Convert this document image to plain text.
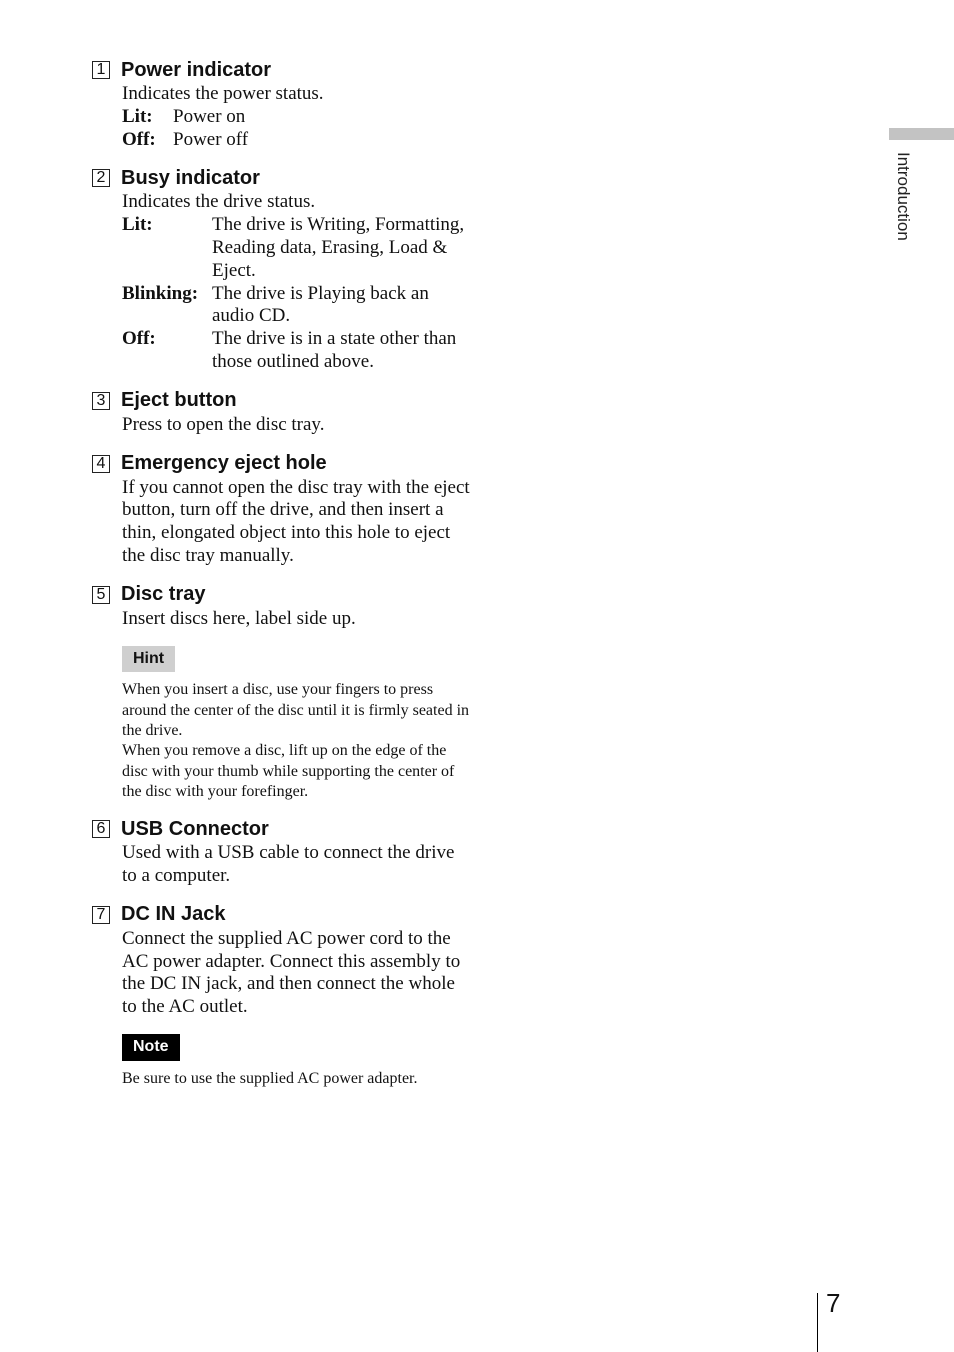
1 Power indicator

Indicates the power status.

Lit:	Power on
Off: Power off
2 Busy indicator

Indicates the drive status.

Lit:	The drive is Writing, Formatting, Reading data, Erasing, Load & Eject.
Blinking: The drive is Playing back an audio CD.
Off:	The drive is in a state other than those outlined above.
3 Eject button

Press to open the disc tray.

4 Emergency eject hole

If you cannot open the disc tray with the eject button, turn off the drive, and then insert a thin, elongated object into this hole to eject the disc tray manually.

5 Disc tray

Insert discs here, label side up.

Hint
When you insert a disc, use your fingers to press around the center of the disc until it is firmly seated in the drive.
When you remove a disc, lift up on the edge of the disc with your thumb while supporting the center of the disc with your forefinger.
6 USB Connector

Used with a USB cable to connect the drive to a computer.

7 DC IN Jack

Connect the supplied AC power cord to the AC power adapter. Connect this assembly to the DC IN jack, and then connect the whole to the AC outlet.

Note
Be sure to use the supplied AC power adapter.
Introduction
7
